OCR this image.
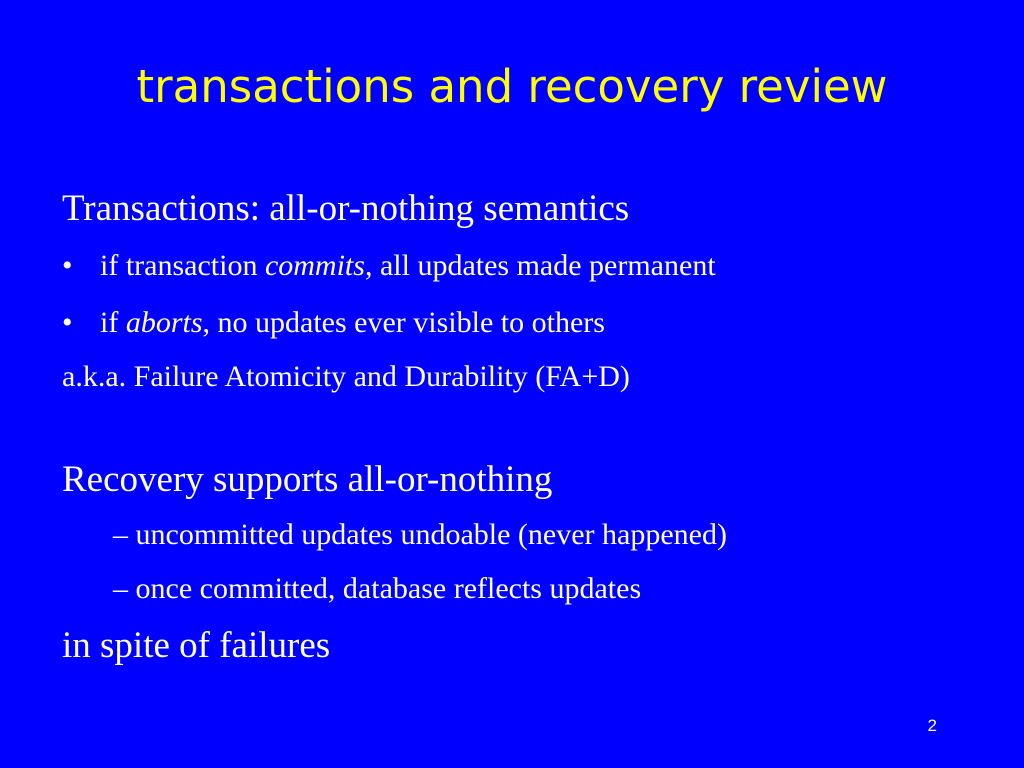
transactions and recovery review
Transactions: all-or-nothing semantics
• if transaction commits, all updates made permanent
• if aborts, no updates ever visible to others
a.k.a. Failure Atomicity and Durability (FA+D)
Recovery supports all-or-nothing
– uncommitted updates undoable (never happened)
– once committed, database reflects updates
in spite of failures
2
